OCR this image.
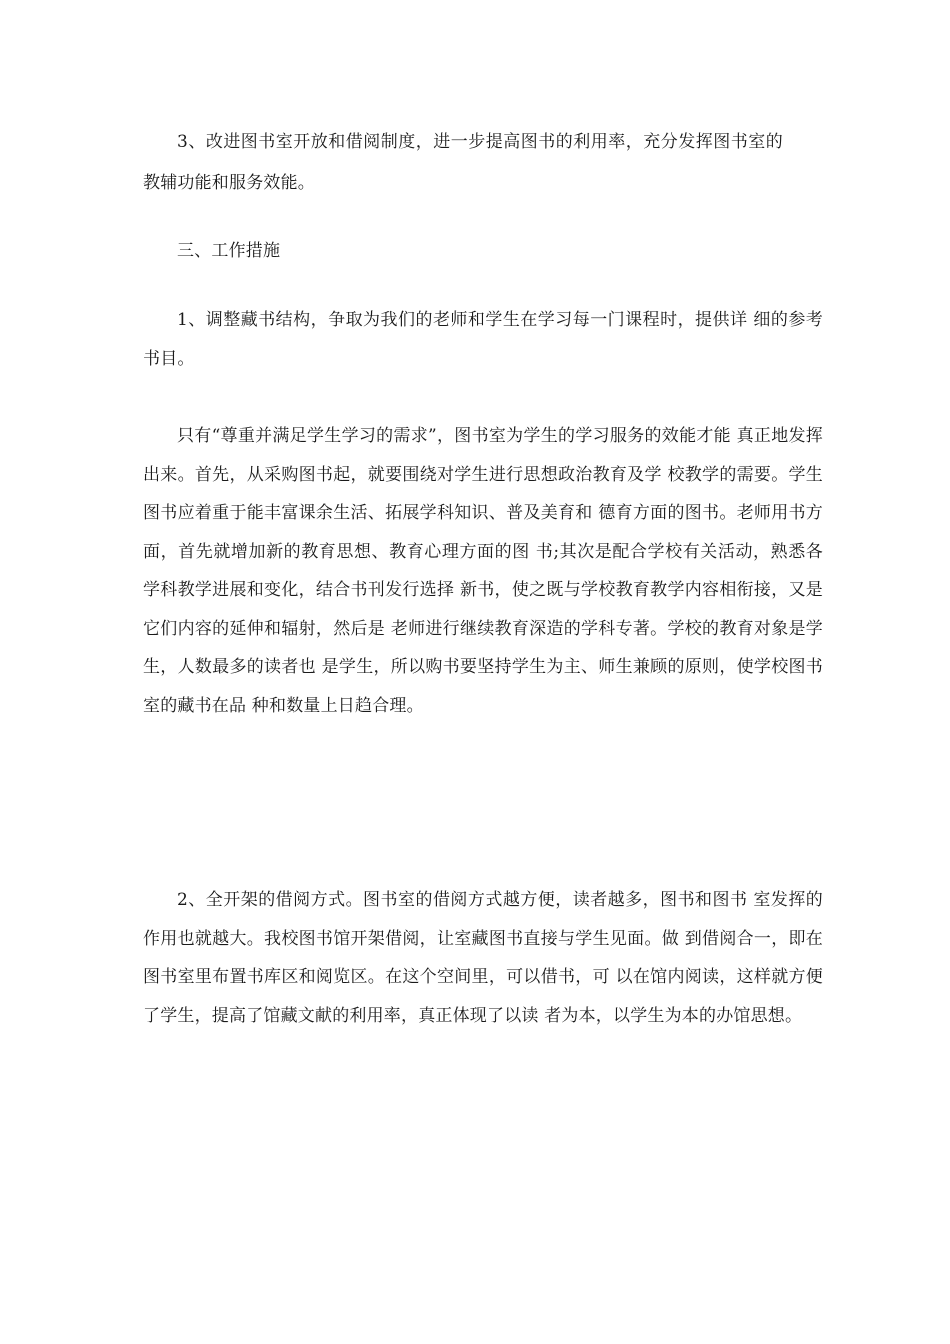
3、改进图书室开放和借阅制度，进一步提高图书的利用率，充分发挥图书室的教辅功能和服务效能。

三、工作措施

1、调整藏书结构，争取为我们的老师和学生在学习每一门课程时，提供详 细的参考书目。

只有“尊重并满足学生学习的需求”，图书室为学生的学习服务的效能才能 真正地发挥出来。首先，从采购图书起，就要围绕对学生进行思想政治教育及学 校教学的需要。学生图书应着重于能丰富课余生活、拓展学科知识、普及美育和 德育方面的图书。老师用书方面，首先就增加新的教育思想、教育心理方面的图 书;其次是配合学校有关活动，熟悉各学科教学进展和变化，结合书刊发行选择 新书，使之既与学校教育教学内容相衔接，又是它们内容的延伸和辐射，然后是 老师进行继续教育深造的学科专著。学校的教育对象是学生，人数最多的读者也 是学生，所以购书要坚持学生为主、师生兼顾的原则，使学校图书室的藏书在品 种和数量上日趋合理。

2、全开架的借阅方式。图书室的借阅方式越方便，读者越多，图书和图书 室发挥的作用也就越大。我校图书馆开架借阅，让室藏图书直接与学生见面。做 到借阅合一，即在图书室里布置书库区和阅览区。在这个空间里，可以借书，可 以在馆内阅读，这样就方便了学生，提高了馆藏文献的利用率，真正体现了以读 者为本，以学生为本的办馆思想。
